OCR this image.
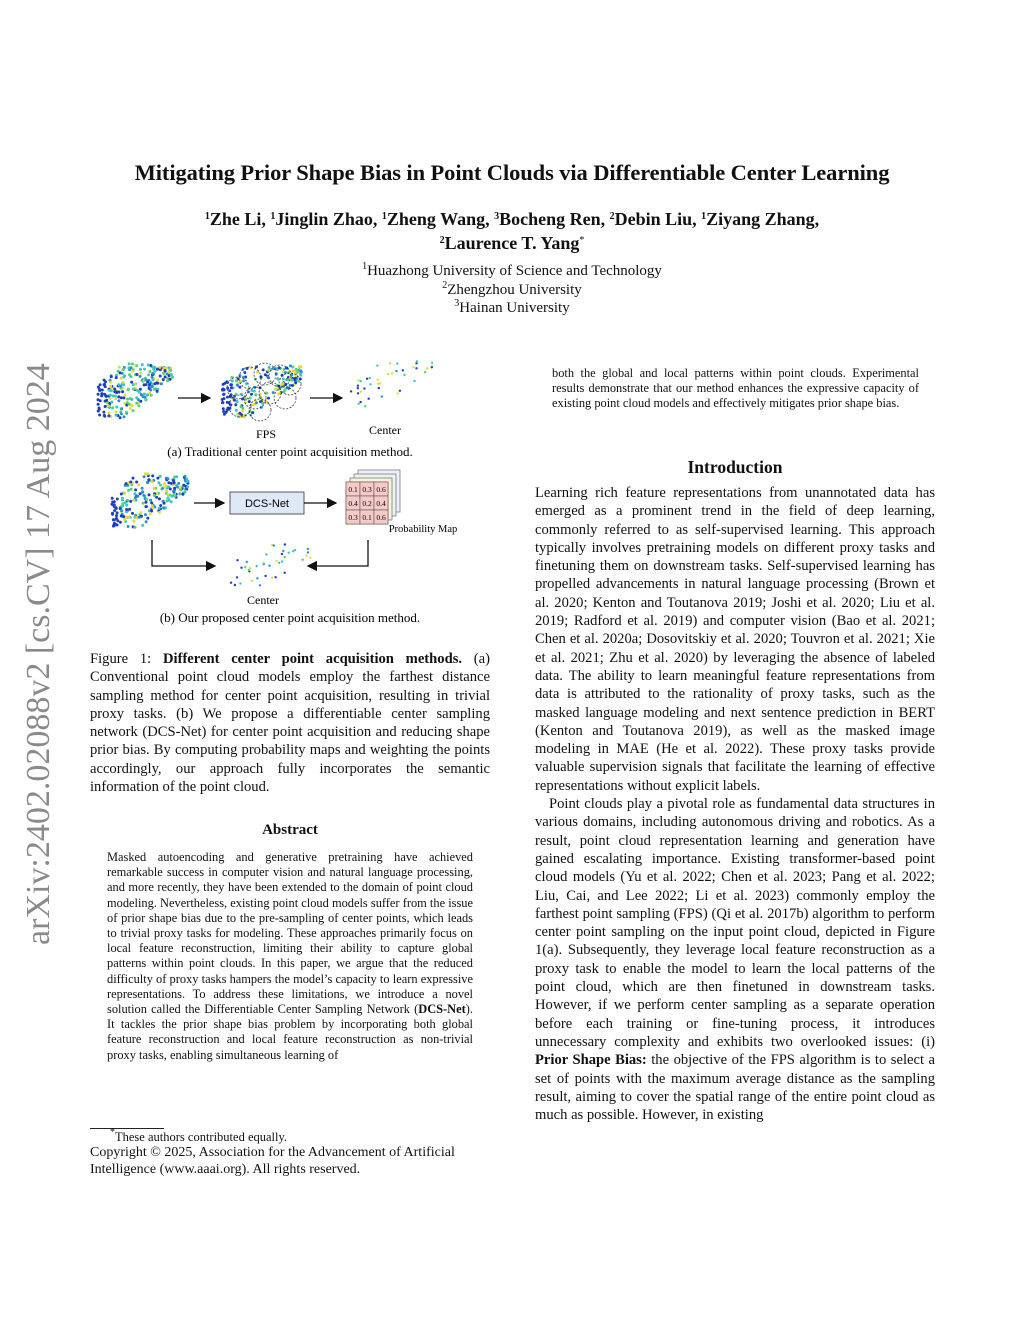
Mitigating Prior Shape Bias in Point Clouds via Differentiable Center Learning
$^1$Zhe Li, $^1$Jinglin Zhao, $^1$Zheng Wang, $^3$Bocheng Ren, $^2$Debin Liu, $^1$Ziyang Zhang,
$^2$Laurence T. Yang*
$^1$Huazhong University of Science and Technology
$^2$Zhengzhou University
$^3$Hainan University
arXiv:2402.02088v2 [cs.CV] 17 Aug 2024	FPS	Center
(a) Traditional center point acquisition method.
DCS-Net
0.1 0.3 0.6
0.4 0.2 0.4
0.3 0.1 0.6
Probability Map
Center
(b) Our proposed center point acquisition method.
Figure 1: Different center point acquisition methods. (a) Conventional point cloud models employ the farthest distance sampling method for center point acquisition, resulting in trivial proxy tasks. (b) We propose a differentiable center sampling network (DCS-Net) for center point acquisition and reducing shape prior bias. By computing probability maps and weighting the points accordingly, our approach fully incorporates the semantic information of the point cloud.
Abstract
Masked autoencoding and generative pretraining have achieved remarkable success in computer vision and natural language processing, and more recently, they have been extended to the domain of point cloud modeling. Nevertheless, existing point cloud models suffer from the issue of prior shape bias due to the pre-sampling of center points, which leads to trivial proxy tasks for modeling. These approaches primarily focus on local feature reconstruction, limiting their ability to capture global patterns within point clouds. In this paper, we argue that the reduced difficulty of proxy tasks hampers the model’s capacity to learn expressive representations. To address these limitations, we introduce a novel solution called the Differentiable Center Sampling Network (DCS-Net). It tackles the prior shape bias problem by incorporating both global feature reconstruction and local feature reconstruction as non-trivial proxy tasks, enabling simultaneous learning of
*These authors contributed equally.
Copyright © 2025, Association for the Advancement of Artificial Intelligence (www.aaai.org). All rights reserved.
both the global and local patterns within point clouds. Experimental results demonstrate that our method enhances the expressive capacity of existing point cloud models and effectively mitigates prior shape bias.
Introduction

Learning rich feature representations from unannotated data has emerged as a prominent trend in the field of deep learning, commonly referred to as self-supervised learning. This approach typically involves pretraining models on different proxy tasks and finetuning them on downstream tasks. Self-supervised learning has propelled advancements in natural language processing (Brown et al. 2020; Kenton and Toutanova 2019; Joshi et al. 2020; Liu et al. 2019; Radford et al. 2019) and computer vision (Bao et al. 2021; Chen et al. 2020a; Dosovitskiy et al. 2020; Touvron et al. 2021; Xie et al. 2021; Zhu et al. 2020) by leveraging the absence of labeled data. The ability to learn meaningful feature representations from data is attributed to the rationality of proxy tasks, such as the masked language modeling and next sentence prediction in BERT (Kenton and Toutanova 2019), as well as the masked image modeling in MAE (He et al. 2022). These proxy tasks provide valuable supervision signals that facilitate the learning of effective representations without explicit labels.

Point clouds play a pivotal role as fundamental data structures in various domains, including autonomous driving and robotics. As a result, point cloud representation learning and generation have gained escalating importance. Existing transformer-based point cloud models (Yu et al. 2022; Chen et al. 2023; Pang et al. 2022; Liu, Cai, and Lee 2022; Li et al. 2023) commonly employ the farthest point sampling (FPS) (Qi et al. 2017b) algorithm to perform center point sampling on the input point cloud, depicted in Figure 1(a). Subsequently, they leverage local feature reconstruction as a proxy task to enable the model to learn the local patterns of the point cloud, which are then finetuned in downstream tasks. However, if we perform center sampling as a separate operation before each training or fine-tuning process, it introduces unnecessary complexity and exhibits two overlooked issues: (i) Prior Shape Bias: the objective of the FPS algorithm is to select a set of points with the maximum average distance as the sampling result, aiming to cover the spatial range of the entire point cloud as much as possible. However, in existing
